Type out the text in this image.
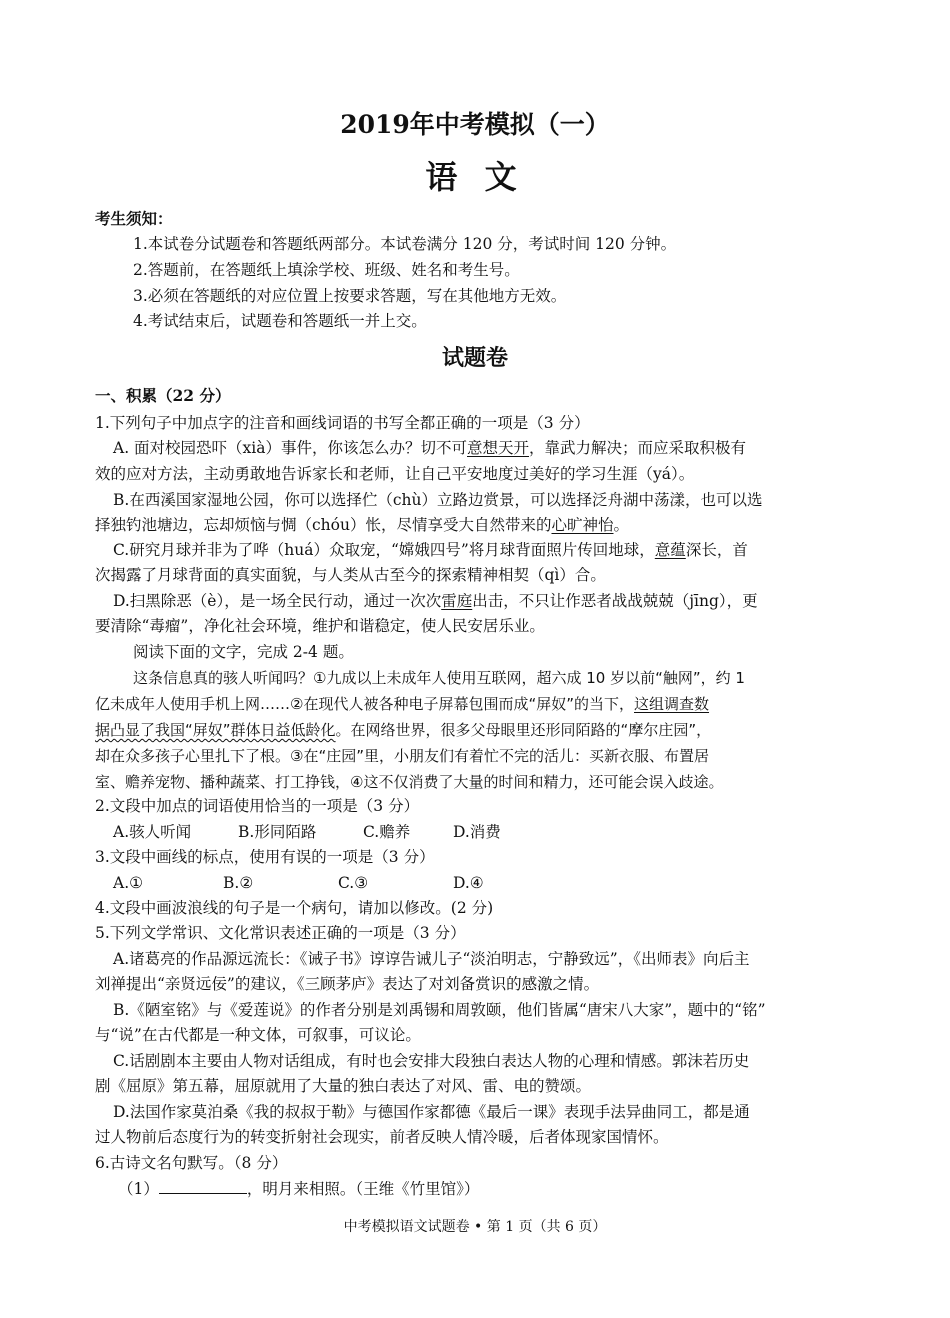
2019年中考模拟（一）
语 文
考生须知：
1.本试卷分试题卷和答题纸两部分。本试卷满分 120 分，考试时间 120 分钟。
2.答题前，在答题纸上填涂学校、班级、姓名和考生号。
3.必须在答题纸的对应位置上按要求答题，写在其他地方无效。
4.考试结束后，试题卷和答题纸一并上交。
试题卷
一、积累（22 分）
1.下列句子中加点字的注音和画线词语的书写全都正确的一项是（3 分）
A. 面对校园恐吓（xià）事件，你该怎么办？切不可意想天开，靠武力解决；而应采取积极有
效的应对方法，主动勇敢地告诉家长和老师，让自己平安地度过美好的学习生涯（yá）。
B.在西溪国家湿地公园，你可以选择伫（chù）立路边赏景，可以选择泛舟湖中荡漾，也可以选
择独钓池塘边，忘却烦恼与惆（chóu）怅，尽情享受大自然带来的心旷神怡。
C.研究月球并非为了哗（huá）众取宠，“嫦娥四号”将月球背面照片传回地球，意蕴深长，首
次揭露了月球背面的真实面貌，与人类从古至今的探索精神相契（qì）合。
D.扫黑除恶（è），是一场全民行动，通过一次次雷庭出击，不只让作恶者战战兢兢（jīng），更
要清除“毒瘤”，净化社会环境，维护和谐稳定，使人民安居乐业。
阅读下面的文字，完成 2-4 题。
这条信息真的骇人听闻吗？①九成以上未成年人使用互联网，超六成 10 岁以前“触网”，约 1
亿未成年人使用手机上网……②在现代人被各种电子屏幕包围而成“屏奴”的当下，这组调查数
据凸显了我国“屏奴”群体日益低龄化。在网络世界，很多父母眼里还形同陌路的“摩尔庄园”，
却在众多孩子心里扎下了根。③在“庄园”里，小朋友们有着忙不完的活儿：买新衣服、布置居
室、赡养宠物、播种蔬菜、打工挣钱，④这不仅消费了大量的时间和精力，还可能会误入歧途。
2.文段中加点的词语使用恰当的一项是（3 分）
A.骇人听闻	B.形同陌路	C.赡养	D.消费
3.文段中画线的标点，使用有误的一项是（3 分）
A.①	B.②	C.③	D.④
4.文段中画波浪线的句子是一个病句，请加以修改。(2 分)
5.下列文学常识、文化常识表述正确的一项是（3 分）
A.诸葛亮的作品源远流长：《诫子书》谆谆告诫儿子“淡泊明志，宁静致远”，《出师表》向后主
刘禅提出“亲贤远佞”的建议，《三顾茅庐》表达了对刘备赏识的感激之情。
B.《陋室铭》与《爱莲说》的作者分别是刘禹锡和周敦颐，他们皆属“唐宋八大家”，题中的“铭”
与“说”在古代都是一种文体，可叙事，可议论。
C.话剧剧本主要由人物对话组成，有时也会安排大段独白表达人物的心理和情感。郭沫若历史
剧《屈原》第五幕，屈原就用了大量的独白表达了对风、雷、电的赞颂。
D.法国作家莫泊桑《我的叔叔于勒》与德国作家都德《最后一课》表现手法异曲同工，都是通
过人物前后态度行为的转变折射社会现实，前者反映人情冷暖，后者体现家国情怀。
6.古诗文名句默写。（8 分）
（1）	，明月来相照。（王维《竹里馆》）
中考模拟语文试题卷 • 第 1 页（共 6 页）
